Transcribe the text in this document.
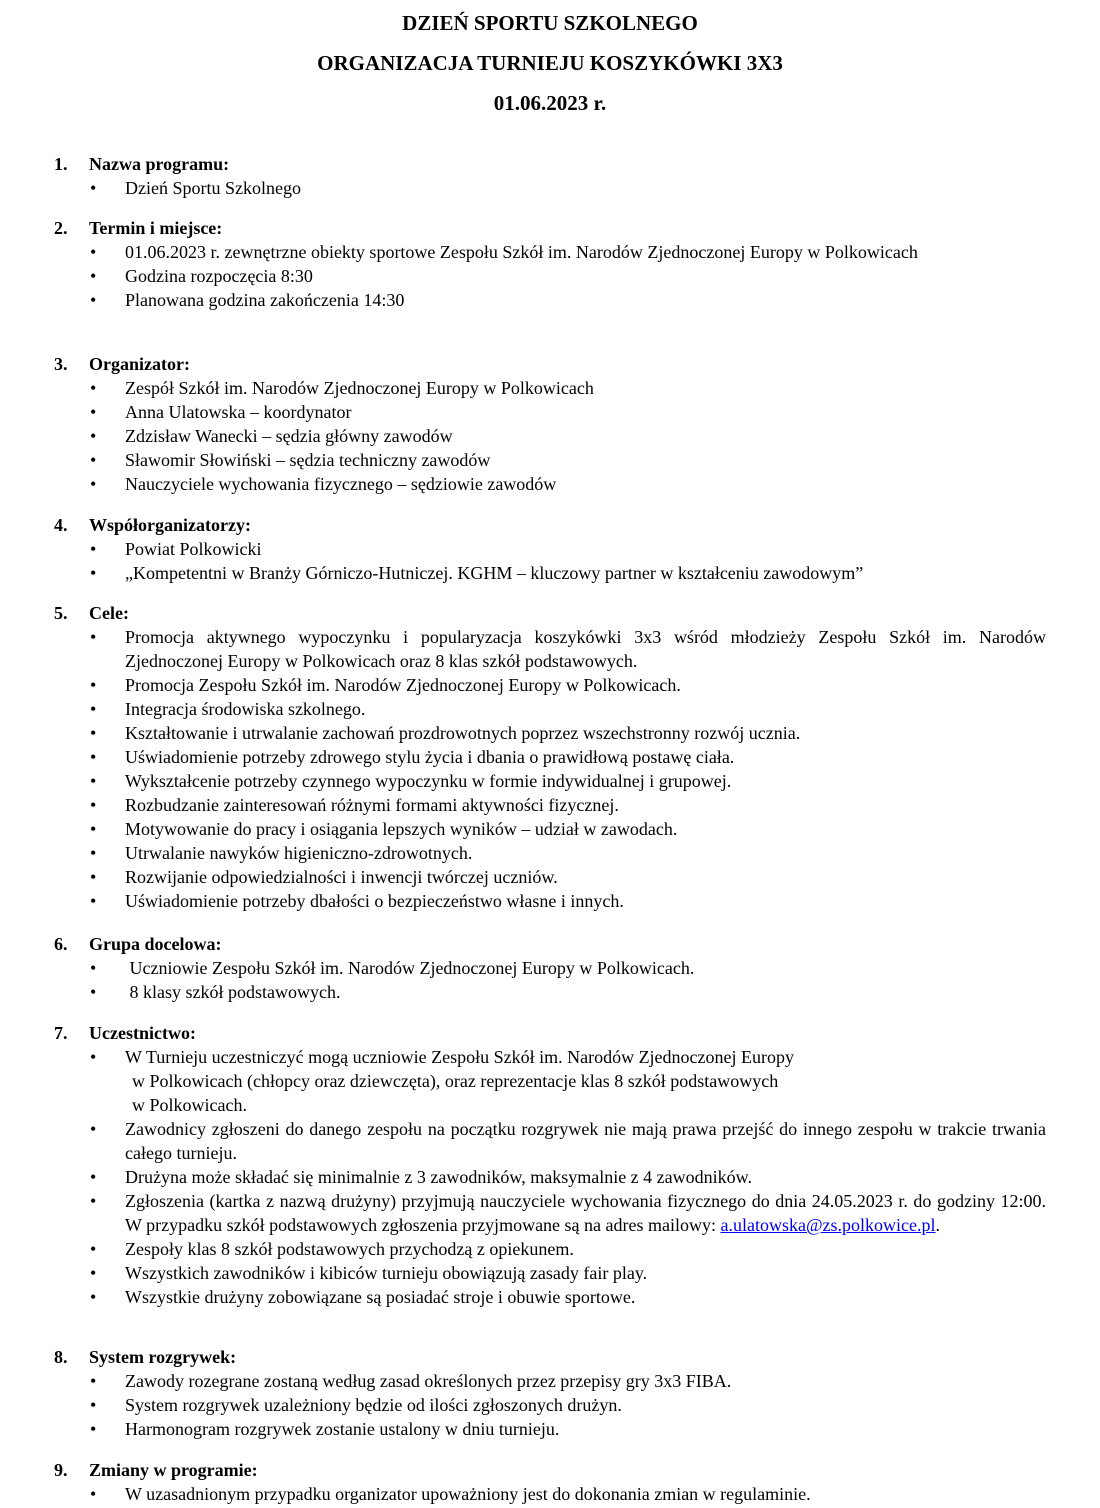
DZIEŃ SPORTU SZKOLNEGO
ORGANIZACJA TURNIEJU KOSZYKÓWKI 3X3
01.06.2023 r.
1.	Nazwa programu:
• Dzień Sportu Szkolnego
2.	Termin i miejsce:
• 01.06.2023 r. zewnętrzne obiekty sportowe Zespołu Szkół im. Narodów Zjednoczonej Europy w Polkowicach
• Godzina rozpoczęcia 8:30
• Planowana godzina zakończenia 14:30
3.	Organizator:
• Zespół Szkół im. Narodów Zjednoczonej Europy w Polkowicach
• Anna Ulatowska – koordynator
• Zdzisław Wanecki – sędzia główny zawodów
• Sławomir Słowiński – sędzia techniczny zawodów
• Nauczyciele wychowania fizycznego – sędziowie zawodów
4.	Współorganizatorzy:
• Powiat Polkowicki
• „Kompetentni w Branży Górniczo-Hutniczej. KGHM – kluczowy partner w kształceniu zawodowym”
5.	Cele:
• Promocja aktywnego wypoczynku i popularyzacja koszykówki 3x3 wśród młodzieży Zespołu Szkół im. Narodów Zjednoczonej Europy w Polkowicach oraz 8 klas szkół podstawowych.
• Promocja Zespołu Szkół im. Narodów Zjednoczonej Europy w Polkowicach.
• Integracja środowiska szkolnego.
• Kształtowanie i utrwalanie zachowań prozdrowotnych poprzez wszechstronny rozwój ucznia.
• Uświadomienie potrzeby zdrowego stylu życia i dbania o prawidłową postawę ciała.
• Wykształcenie potrzeby czynnego wypoczynku w formie indywidualnej i grupowej.
• Rozbudzanie zainteresowań różnymi formami aktywności fizycznej.
• Motywowanie do pracy i osiągania lepszych wyników – udział w zawodach.
• Utrwalanie nawyków higieniczno-zdrowotnych.
• Rozwijanie odpowiedzialności i inwencji twórczej uczniów.
• Uświadomienie potrzeby dbałości o bezpieczeństwo własne i innych.
6.	Grupa docelowa:
•  Uczniowie Zespołu Szkół im. Narodów Zjednoczonej Europy w Polkowicach.
•  8 klasy szkół podstawowych.
7.	Uczestnictwo:
• W Turnieju uczestniczyć mogą uczniowie Zespołu Szkół im. Narodów Zjednoczonej Europy
w Polkowicach (chłopcy oraz dziewczęta), oraz reprezentacje klas 8 szkół podstawowych
w Polkowicach.
• Zawodnicy zgłoszeni do danego zespołu na początku rozgrywek nie mają prawa przejść do innego zespołu w trakcie trwania całego turnieju.
• Drużyna może składać się minimalnie z 3 zawodników, maksymalnie z 4 zawodników.
• Zgłoszenia (kartka z nazwą drużyny) przyjmują nauczyciele wychowania fizycznego do dnia 24.05.2023 r. do godziny 12:00. W przypadku szkół podstawowych zgłoszenia przyjmowane są na adres mailowy: a.ulatowska@zs.polkowice.pl.
• Zespoły klas 8 szkół podstawowych przychodzą z opiekunem.
• Wszystkich zawodników i kibiców turnieju obowiązują zasady fair play.
• Wszystkie drużyny zobowiązane są posiadać stroje i obuwie sportowe.
8.	System rozgrywek:
• Zawody rozegrane zostaną według zasad określonych przez przepisy gry 3x3 FIBA.
• System rozgrywek uzależniony będzie od ilości zgłoszonych drużyn.
• Harmonogram rozgrywek zostanie ustalony w dniu turnieju.
9.	Zmiany w programie:
• W uzasadnionym przypadku organizator upoważniony jest do dokonania zmian w regulaminie.
